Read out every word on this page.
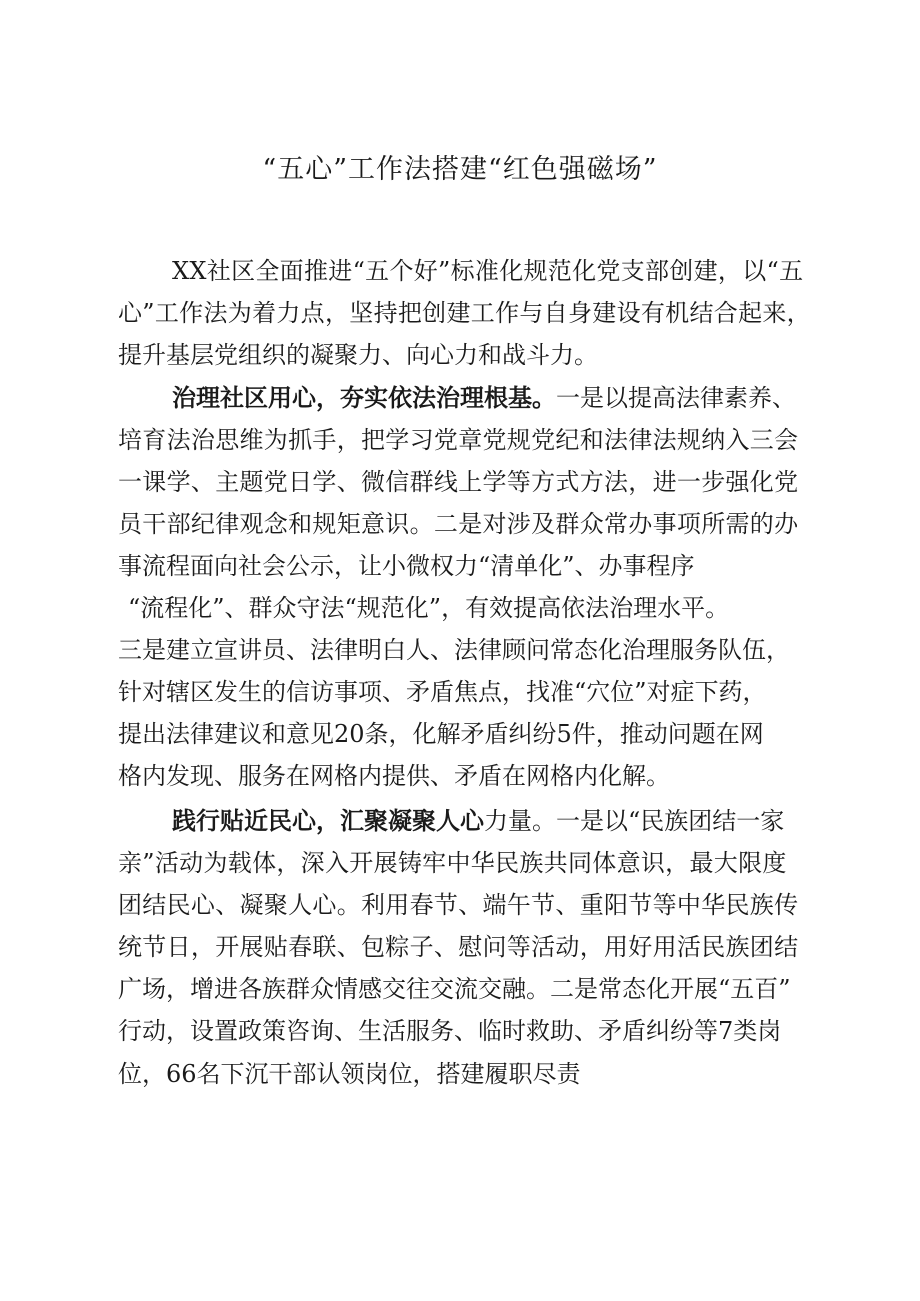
“五心”工作法搭建“红色强磁场”
XX社区全面推进“五个好”标准化规范化党支部创建，以“五
心”工作法为着力点，坚持把创建工作与自身建设有机结合起来，
提升基层党组织的凝聚力、向心力和战斗力。
治理社区用心，夯实依法治理根基。一是以提高法律素养、
培育法治思维为抓手，把学习党章党规党纪和法律法规纳入三会
一课学、主题党日学、微信群线上学等方式方法，进一步强化党
员干部纪律观念和规矩意识。二是对涉及群众常办事项所需的办
事流程面向社会公示，让小微权力“清单化”、办事程序
“流程化”、群众守法“规范化”，有效提高依法治理水平。
三是建立宣讲员、法律明白人、法律顾问常态化治理服务队伍，
针对辖区发生的信访事项、矛盾焦点，找准“穴位”对症下药，
提出法律建议和意见20条，化解矛盾纠纷5件，推动问题在网
格内发现、服务在网格内提供、矛盾在网格内化解。
践行贴近民心，汇聚凝聚人心力量。一是以“民族团结一家
亲”活动为载体，深入开展铸牢中华民族共同体意识，最大限度
团结民心、凝聚人心。利用春节、端午节、重阳节等中华民族传
统节日，开展贴春联、包粽子、慰问等活动，用好用活民族团结
广场，增进各族群众情感交往交流交融。二是常态化开展“五百”
行动，设置政策咨询、生活服务、临时救助、矛盾纠纷等7类岗
位，66名下沉干部认领岗位，搭建履职尽责
